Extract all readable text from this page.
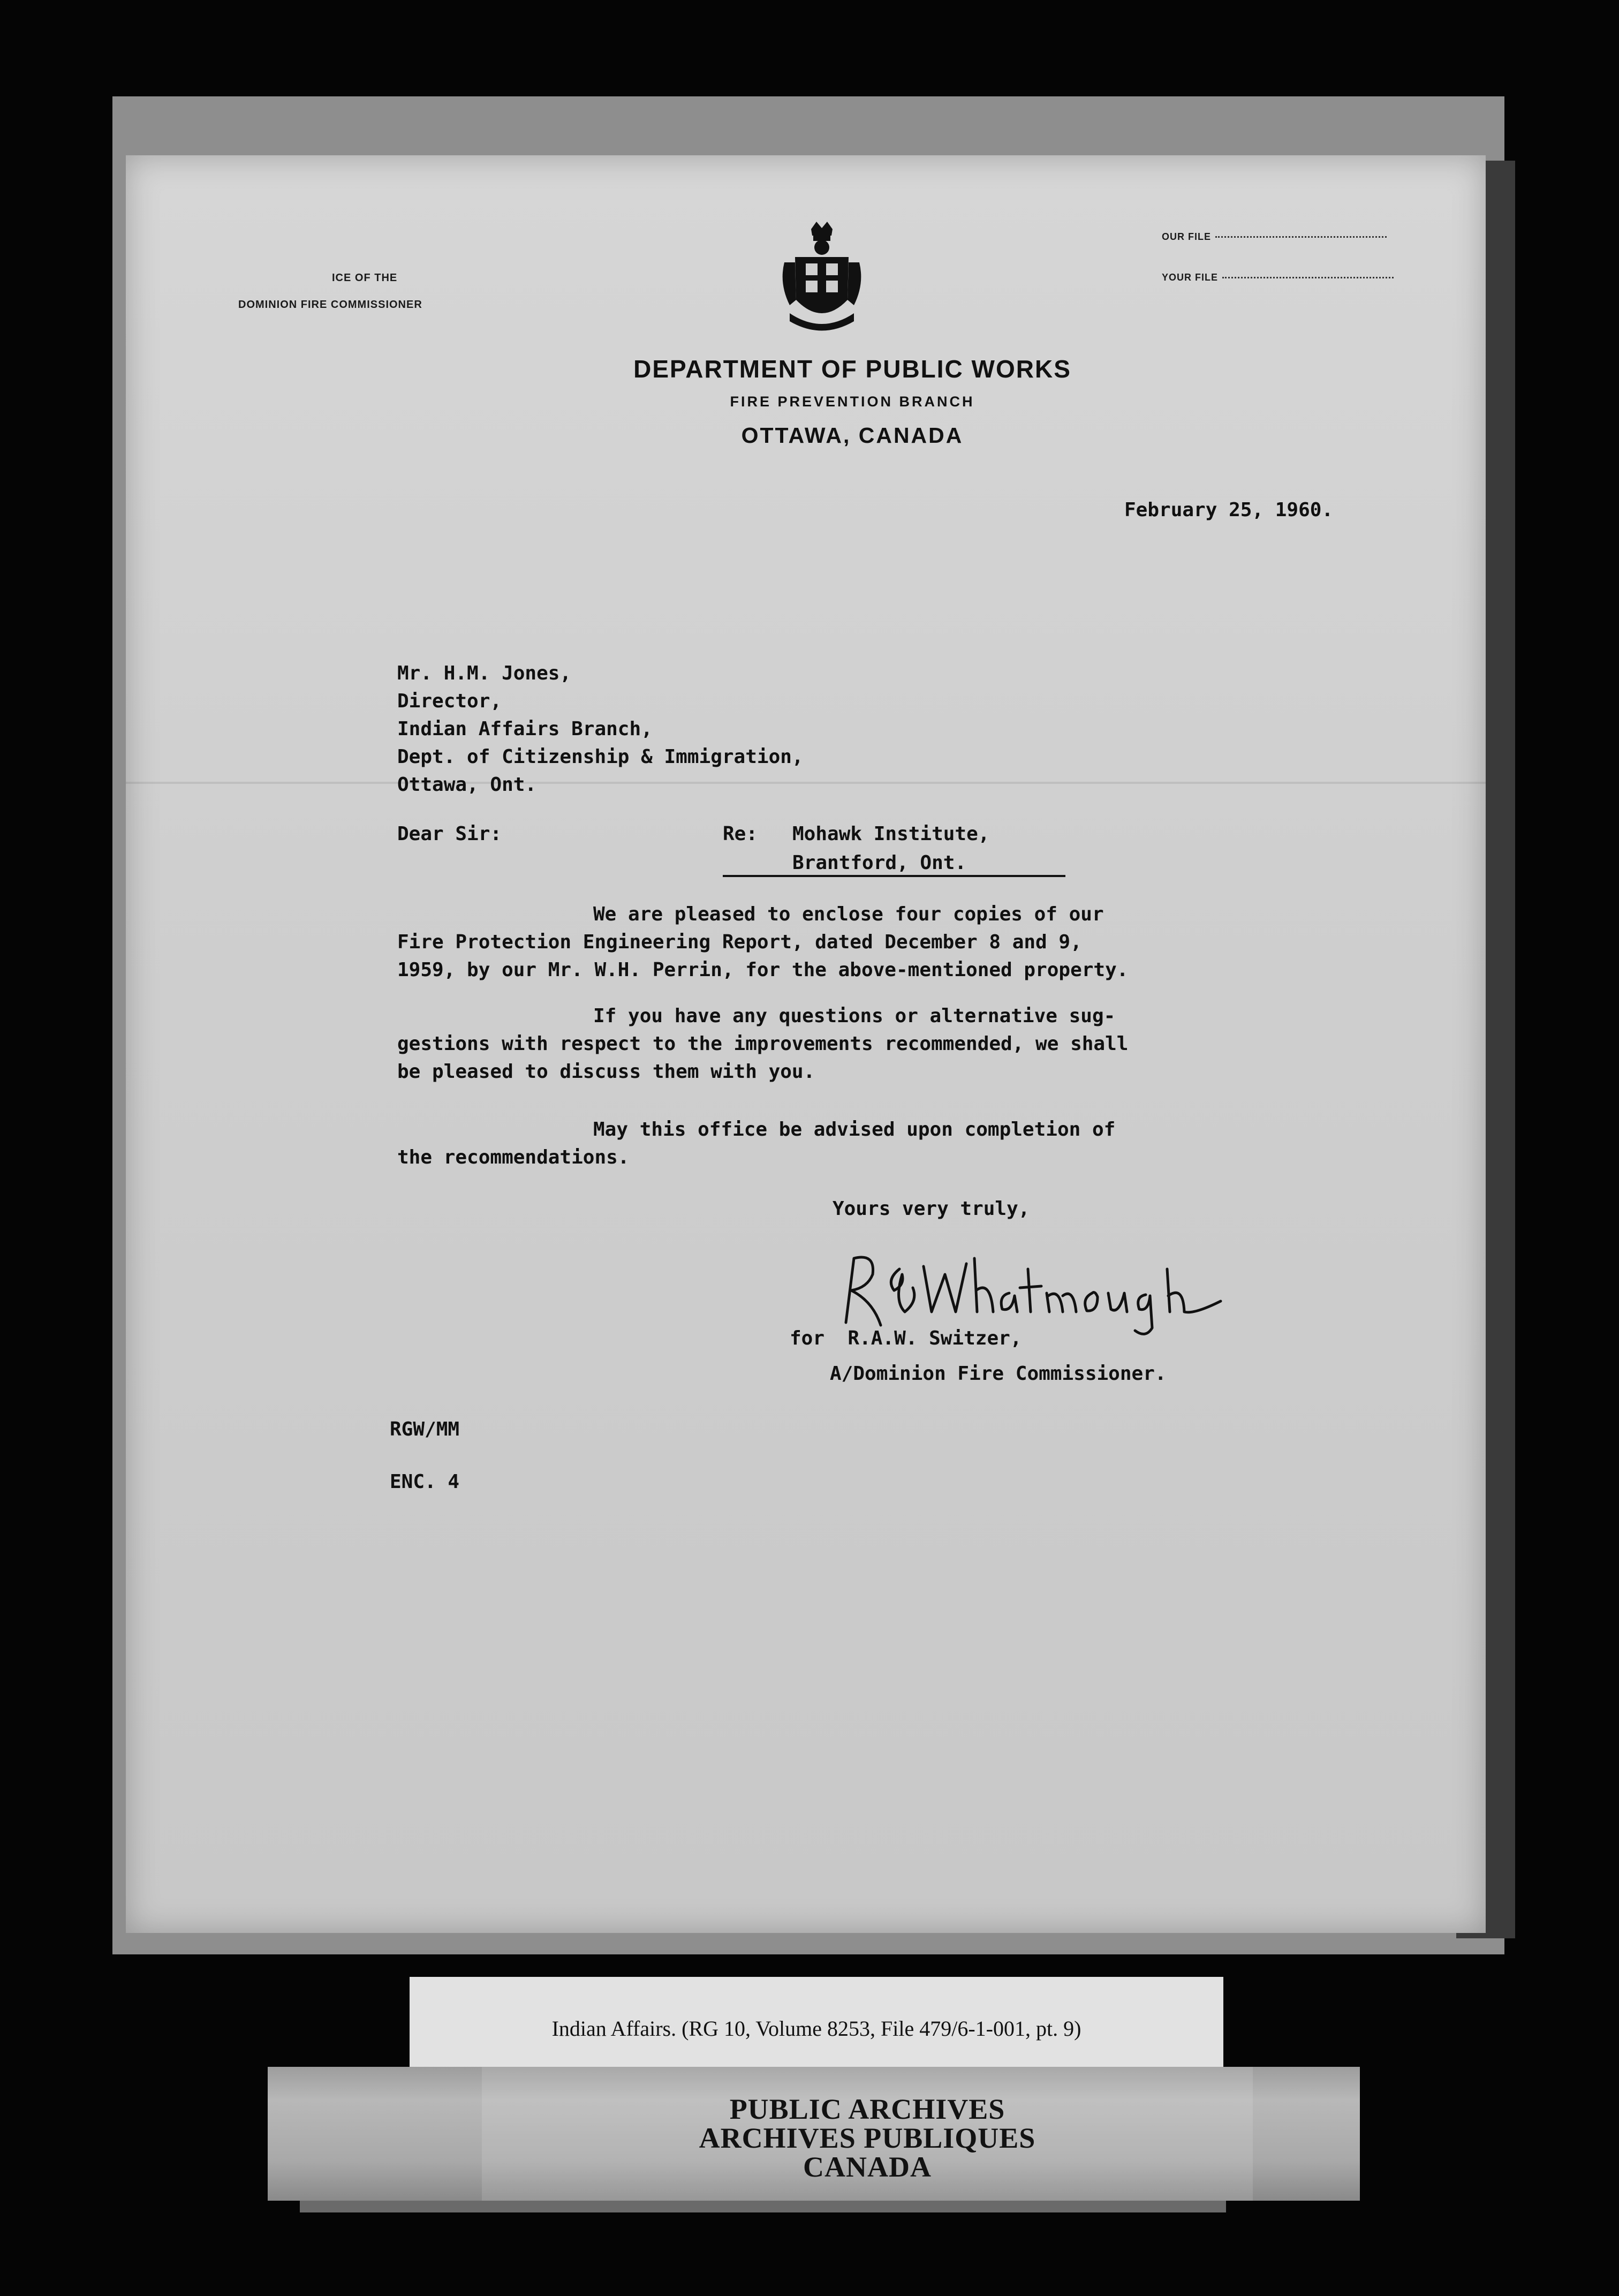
ICE OF THE
DOMINION FIRE COMMISSIONER
OUR FILE
YOUR FILE
DEPARTMENT OF PUBLIC WORKS
FIRE PREVENTION BRANCH
OTTAWA, CANADA
February 25, 1960.
Mr. H.M. Jones,
Director,
Indian Affairs Branch,
Dept. of Citizenship & Immigration,
Ottawa, Ont.
Dear Sir:	Re: Mohawk Institute,
Brantford, Ont.
We are pleased to enclose four copies of our
Fire Protection Engineering Report, dated December 8 and 9,
1959, by our Mr. W.H. Perrin, for the above-mentioned property.
If you have any questions or alternative sug-
gestions with respect to the improvements recommended, we shall
be pleased to discuss them with you.
May this office be advised upon completion of
the recommendations.
Yours very truly,
for  R.A.W. Switzer,
A/Dominion Fire Commissioner.
RGW/MM
ENC. 4
Indian Affairs. (RG 10, Volume 8253, File 479/6-1-001, pt. 9)
PUBLIC ARCHIVES
ARCHIVES PUBLIQUES
CANADA
